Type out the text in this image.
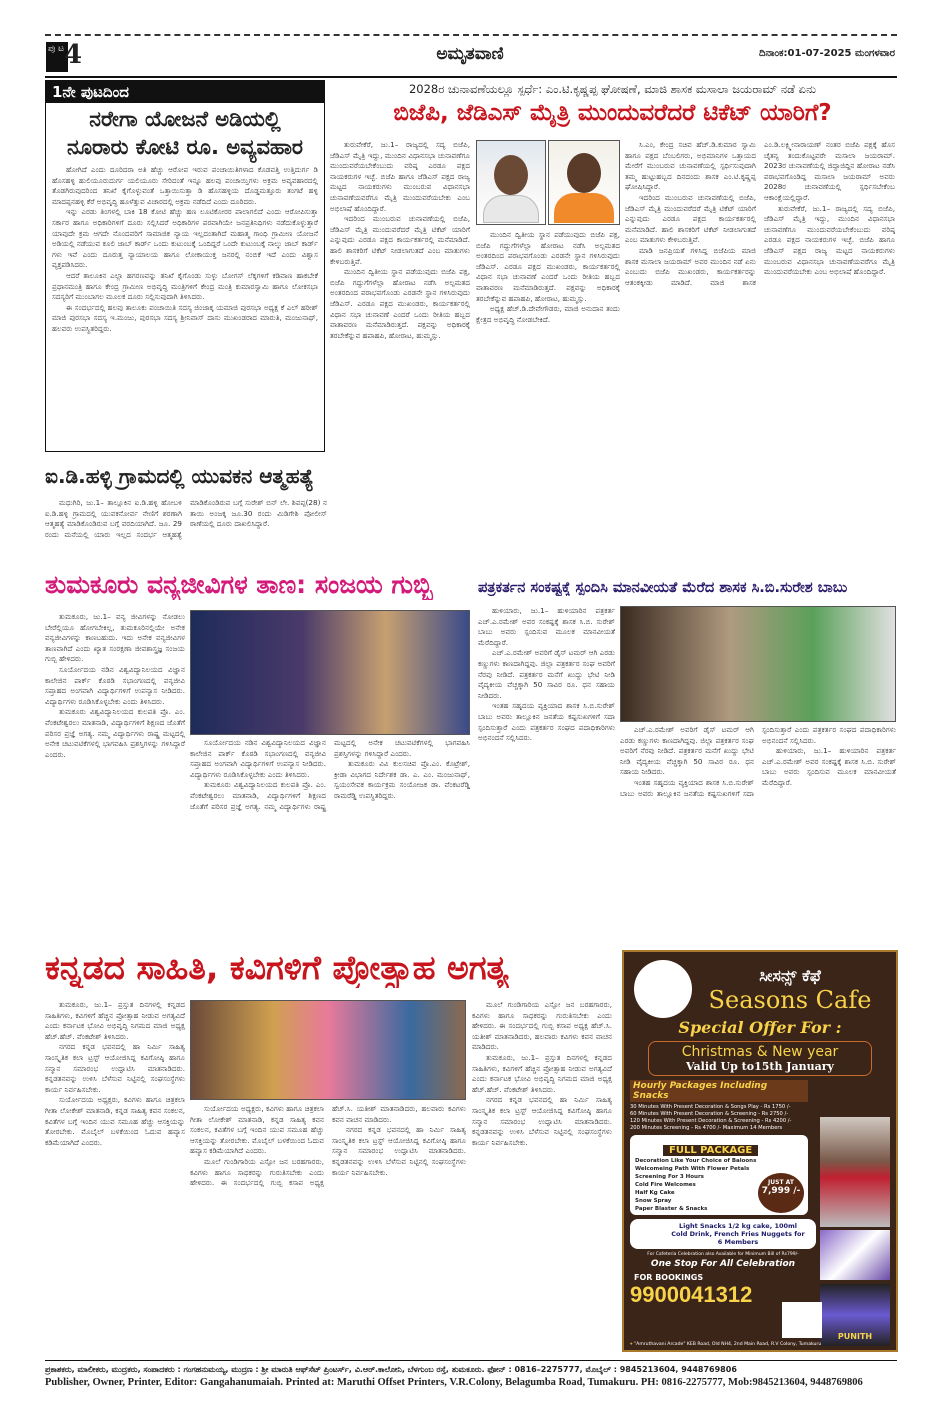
ಪು ಟ 4	ಅಮೃತವಾಣಿ	ದಿನಾಂಕ:01-07-2025 ಮಂಗಳವಾರ
1ನೇ ಪುಟದಿಂದ
ನರೇಗಾ ಯೋಜನೆ ಅಡಿಯಲ್ಲಿ
ನೂರಾರು ಕೋಟಿ ರೂ. ಅವ್ಯವಹಾರ

ಹೋಗಿದೆ ಎಂದು ದೂರಿದರಾ ಅತಿ ಹೆಚ್ಚು ಆರೋಪ ಇರುವ ಪಂಚಾಯಿತಿಗಳಾದ ಕೊಡವತ್ತಿ ಉತ್ತಿದುರ್ಗ ಡಿ ಹೊಸಹಳ್ಳಿ ಹುಲಿಯೂರುದುರ್ಗ ಯಲಿಯೂರು ಸೇರಿದಂತೆ ಇನ್ನೂ ಹಲವು ಪಂಚಾಯ್ತಿಗಳು ಅಕ್ರಮ ಅವ್ಯವಹಾರದಲ್ಲಿ ತೊಡಗಿರುವುದರಿಂದ ತನಿಖೆ ಕೈಗೊಳ್ಳುವಂತೆ ಒತ್ತಾಯಿಸುತ್ತಾ ಡಿ ಹೊಸಹಳ್ಳಿಯ ದೊಡ್ಡಮತ್ತೂರು ತಂಗಟೆ ಹಳ್ಳಿ ಮಾದಪ್ಪನಹಳ್ಳಿ ಕೆರೆ ಅಭಿವೃದ್ಧಿ ಹೂಳೆತ್ತುವ ವಿಚಾರದಲ್ಲಿ ಅಕ್ರಮ ನಡೆದಿದೆ ಎಂದು ದೂರಿದರು.

ಇನ್ನು ಎರಡು ತಿಂಗಳಲ್ಲಿ ಬಾಕಿ 18 ಕೋಟಿ ಹೆಚ್ಚು ಹಣ ಲೂಟಿಕೋರರ ಪಾಲಾಗಲಿದೆ ಎಂದು ಆರೋಪಿಸುತ್ತಾ ಸರ್ಕಾರ ಹಾಗೂ ಅಧಿಕಾರಿಗಳಿಗೆ ದೂರು ಸಲ್ಲಿಸಿದರೆ ಅಧಿಕಾರಿಗಳ ಪರವಾಗಿಯೇ ಜನಪ್ರತಿನಿಧಿಗಳು ನಡೆದುಕೊಳ್ಳುತ್ತಾರೆ ಯಾವುದೇ ಕ್ರಮ ಆಗದೇ ನೊಂದವರಿಗೆ ಸಾಮಾಜಿಕ ನ್ಯಾಯ ಇಲ್ಲದಂತಾಗಿದೆ ಮಹಾತ್ಮ ಗಾಂಧಿ ಗ್ರಾಮೀಣ ಯೋಜನೆ ಅಡಿಯಲ್ಲಿ ನಡೆಯುವ ಕೂಲಿ ಜಾಬ್ ಕಾರ್ಡ್ ಒಂದು ಕುಟುಂಬಕ್ಕೆ ಒಂದಿದ್ದರೆ ಒಂದೇ ಕುಟುಂಬಕ್ಕೆ ನಾಲ್ಕು ಜಾಬ್ ಕಾರ್ಡ್ ಗಳು ಇವೆ ಎಂದು ದೂರುತ್ತ ನ್ಯಾಯಾಲಯ ಹಾಗೂ ಲೋಕಾಯುಕ್ತ ಜನರಲ್ಲಿ ನಂಬಿಕೆ ಇದೆ ಎಂದು ವಿಶ್ವಾಸ ವ್ಯಕ್ತಪಡಿಸಿದರು.

ಆದರೆ ತಾಲೂಕಿನ ಎಲ್ಲಾ ಹಗರಣವನ್ನು ತನಿಖೆ ಕೈಗೊಂಡು ಸುಳ್ಳು ಬೋಗಸ್ ಲೆಕ್ಕಗಳಿಗೆ ಕಡಿವಾಣ ಹಾಕಬೇಕೆ ಪ್ರಧಾನಮಂತ್ರಿ ಹಾಗೂ ಕೇಂದ್ರ ಗ್ರಾಮೀಣ ಅಭಿವೃದ್ಧಿ ಮಂತ್ರಿಗಳಿಗೆ ಕೇಂದ್ರ ಮಂತ್ರಿ ಕುಮಾರಸ್ವಾಮಿ ಹಾಗೂ ಲೋಕಸಭಾ ಸದಸ್ಯರಿಗೆ ಮುಂಬಾಗಲ ಮೂಲಕ ದೂರು ಸಲ್ಲಿಸುವುದಾಗಿ ತಿಳಿಸಿದರು.

ಈ ಸಂದರ್ಭದಲ್ಲಿ ಹಲವು ತಾಲೂಕು ಪಂಚಾಯಿತಿ ಸದಸ್ಯ ಜಿಂಜಾಕ್ಕ ಯಮಾಜಿ ಪುರಸಭಾ ಅಧ್ಯಕ್ಷ ಕೆ ಎಲ್ ಹರೀಶ್ ಮಾಜಿ ಪುರಸಭಾ ಸದಸ್ಯ ಇ.ಮಂಜು, ಪುರಸಭಾ ಸದಸ್ಯ ಶ್ರೀನಿವಾಸ್ ದಾಸು ಮುಖಂಡರಾದ ಮಾರುತಿ, ಮಂಜುನಾಥ್, ಹಲವರು ಉಪಸ್ಥಿತರಿದ್ದರು.

ಐ.ಡಿ.ಹಳ್ಳಿ ಗ್ರಾಮದಲ್ಲಿ ಯುವಕನ ಆತ್ಮಹತ್ಯೆ

ಮಧುಗಿರಿ, ಜು.1– ತಾಲ್ಲೂಕಿನ ಐ.ಡಿ.ಹಳ್ಳಿ ಹೋಬಳಿ ಐ.ಡಿ.ಹಳ್ಳಿ ಗ್ರಾಮದಲ್ಲಿ ಯುವಕನೋರ್ವ ನೇಣಿಗೆ ಶರಣಾಗಿ ಆತ್ಮಹತ್ಯೆ ಮಾಡಿಕೊಂಡಿರುವ ಬಗ್ಗೆ ವರದಿಯಾಗಿದೆ. ಜೂ. 29 ರಂದು ಮನೆಯಲ್ಲಿ ಯಾರು ಇಲ್ಲದ ಸಂದರ್ಭ ಆತ್ಮಹತ್ಯೆ ಮಾಡಿಕೊಂಡಿರುವ ಬಗ್ಗೆ ಸುರೇಶ್ ಬಿನ್ ಲೇ. ಶಿವಪ್ಪ(28) ನ ತಾಯಿ ಅಂಜಕ್ಕ ಜೂ.30 ರಂದು ಮಿಡಿಗೇಶಿ ಪೋಲೀಸ್ ಠಾಣೆಯಲ್ಲಿ ದೂರು ದಾಖಲಿಸಿದ್ದಾರೆ.

2028ರ ಚುನಾವಣೆಯಲ್ಲೂ ಸ್ಪರ್ಧೆ: ಎಂ.ಟಿ.ಕೃಷ್ಣಪ್ಪ ಘೋಷಣೆ, ಮಾಜಿ ಶಾಸಕ ಮಸಾಲಾ ಜಯರಾಮ್ ನಡೆ ಏನು
ಬಿಜೆಪಿ, ಜೆಡಿಎಸ್ ಮೈತ್ರಿ ಮುಂದುವರೆದರೆ ಟಿಕೆಟ್ ಯಾರಿಗೆ?

ತುರುವೇಕೆರೆ, ಜು.1– ರಾಜ್ಯದಲ್ಲಿ ಸದ್ಯ ಬಿಜೆಪಿ, ಜೆಡಿಎಸ್ ಮೈತ್ರಿ ಇದ್ದು, ಮುಂದಿನ ವಿಧಾನಸಭಾ ಚುನಾವಣೆಗೂ ಮುಂದುವರೆಯಬೇಕೆಂಬುದು ವರಿಷ್ಠ ಎರಡೂ ಪಕ್ಷದ ನಾಯಕರುಗಳ ಇಚ್ಛೆ. ಬಿಜೆಪಿ ಹಾಗೂ ಜೆಡಿಎಸ್ ಪಕ್ಷದ ರಾಜ್ಯ ಮಟ್ಟದ ನಾಯಕರುಗಳು ಮುಂಬರುವ ವಿಧಾನಸಭಾ ಚುನಾವಣೆಯವರೆಗೂ ಮೈತ್ರಿ ಮುಂದುವರೆಯಬೇಕು ಎಂಬ ಅಭಿಲಾಷೆ ಹೊಂದಿದ್ದಾರೆ.

ಇದರಿಂದ ಮುಂಬರುವ ಚುನಾವಣೆಯಲ್ಲಿ ಬಿಜೆಪಿ, ಜೆಡಿಎಸ್ ಮೈತ್ರಿ ಮುಂದುವರೆದರೆ ಮೈತ್ರಿ ಟಿಕೆಟ್ ಯಾರಿಗೆ ಎನ್ನುವುದು ಎರಡೂ ಪಕ್ಷದ ಕಾರ್ಯಕರ್ತರಲ್ಲಿ ಮನೆಮಾಡಿದೆ. ಹಾಲಿ ಶಾಸಕರಿಗೆ ಟಿಕೆಟ್ ನೀಡಲಾಗುತದೆ ಎಂಬ ಮಾತುಗಳು ಕೇಳಿಬರುತ್ತಿವೆ.

ಮುಂದಿನ ದ್ವಿತೀಯ ಸ್ಥಾನ ಪಡೆಯುವುದು ಬಿಜೆಪಿ ಪಕ್ಷ, ಬಿಜೆಪಿ ಗದ್ದುಗೆಗಳೆಲ್ಲಾ ಹೋರಾಟ ನಡೆಸಿ ಅಲ್ಪಮತದ ಅಂತರದಿಂದ ಪರಾಭವಗೊಂಡು ಎರಡನೇ ಸ್ಥಾನ ಗಳಿಸಿರುವುದು ಜೆಡಿಎಸ್. ಎರಡೂ ಪಕ್ಷದ ಮುಖಂಡರು, ಕಾರ್ಯಕರ್ತರಲ್ಲಿ ವಿಧಾನ ಸಭಾ ಚುನಾವಣೆ ಎಂದರೆ ಒಂದು ರೀತಿಯ ಹಬ್ಬದ ವಾತಾವರಣ ಮನೆಮಾಡಿರುತ್ತದೆ. ಪಕ್ಷವನ್ನು ಅಧಿಕಾರಕ್ಕೆ ತರಬೇಕೆನ್ನುವ ಹಪಾಹಪಿ, ಹೋರಾಟ, ಹುಮ್ಮಸ್ಸು.

ಮುಂದಿನ ದ್ವಿತೀಯ ಸ್ಥಾನ ಪಡೆಯುವುದು ಬಿಜೆಪಿ ಪಕ್ಷ, ಬಿಜೆಪಿ ಗದ್ದುಗೆಗಳೆಲ್ಲಾ ಹೋರಾಟ ನಡೆಸಿ ಅಲ್ಪಮತದ ಅಂತರದಿಂದ ಪರಾಭವಗೊಂಡು ಎರಡನೇ ಸ್ಥಾನ ಗಳಿಸಿರುವುದು ಜೆಡಿಎಸ್. ಎರಡೂ ಪಕ್ಷದ ಮುಖಂಡರು, ಕಾರ್ಯಕರ್ತರಲ್ಲಿ ವಿಧಾನ ಸಭಾ ಚುನಾವಣೆ ಎಂದರೆ ಒಂದು ರೀತಿಯ ಹಬ್ಬದ ವಾತಾವರಣ ಮನೆಮಾಡಿರುತ್ತದೆ. ಪಕ್ಷವನ್ನು ಅಧಿಕಾರಕ್ಕೆ ತರಬೇಕೆನ್ನುವ ಹಪಾಹಪಿ, ಹೋರಾಟ, ಹುಮ್ಮಸ್ಸು.

ಅಧ್ಯಕ್ಷ ಹೆಚ್.ಡಿ.ದೇವೇಗೌಡರು, ಮಾಜಿ ಅನುದಾನ ತಂದು ಕ್ಷೇತ್ರದ ಅಭಿವೃದ್ಧಿ ನೋಡಬೇಕಿದೆ.

ಸಿ.ಎಂ, ಕೇಂದ್ರ ಸಚಿವ ಹೆಚ್.ಡಿ.ಕುಮಾರ ಸ್ವಾಮಿ ಹಾಗೂ ಪಕ್ಷದ ಬೆಂಬಲಿಗರು, ಅಭಿಮಾನಿಗಳ ಒತ್ತಾಯದ ಮೇರೆಗೆ ಮುಂಬರುವ ಚುನಾವಣೆಯಲ್ಲಿ ಸ್ಪರ್ಧಿಸುವುದಾಗಿ ತಮ್ಮ ಹುಟ್ಟುಹಬ್ಬದ ದಿನದಂದು ಶಾಸಕ ಎಂ.ಟಿ.ಕೃಷ್ಣಪ್ಪ ಘೋಷಿಸಿದ್ದಾರೆ.

ಇದರಿಂದ ಮುಂಬರುವ ಚುನಾವಣೆಯಲ್ಲಿ ಬಿಜೆಪಿ, ಜೆಡಿಎಸ್ ಮೈತ್ರಿ ಮುಂದುವರೆದರೆ ಮೈತ್ರಿ ಟಿಕೆಟ್ ಯಾರಿಗೆ ಎನ್ನುವುದು ಎರಡೂ ಪಕ್ಷದ ಕಾರ್ಯಕರ್ತರಲ್ಲಿ ಮನೆಮಾಡಿದೆ. ಹಾಲಿ ಶಾಸಕರಿಗೆ ಟಿಕೆಟ್ ನೀಡಲಾಗುತದೆ ಎಂಬ ಮಾತುಗಳು ಕೇಳಿಬರುತ್ತಿವೆ.

ಮಾಡಿ ಜನಪ್ರಿಯತೆ ಗಳಿಸಿದ್ದ ಬಿಜೆಪಿಯ ಮಾಜಿ ಶಾಸಕ ಮಸಾಲಾ ಜಯರಾಮ್ ಅವರ ಮುಂದಿನ ನಡೆ ಏನು ಎಂಬುದು ಬಿಜೆಪಿ ಮುಖಂಡರು, ಕಾರ್ಯಕರ್ತರನ್ನು ಆತಂಕಕ್ಕೀಡು ಮಾಡಿದೆ. ಮಾಜಿ ಶಾಸಕ ಎಂ.ಡಿ.ಲಕ್ಷ್ಮೀನಾರಾಯಣ್ ನಂತರ ಬಿಜೆಪಿ ಪಕ್ಷಕ್ಕೆ ಹೊಸ ಚೈತನ್ಯ ತಂದುಕೊಟ್ಟವರೇ ಮಸಾಲಾ ಜಯರಾಮ್. 2023ರ ಚುನಾವಣೆಯಲ್ಲಿ ಜಿದ್ದಾಜಿದ್ದಿನ ಹೋರಾಟ ನಡೆಸಿ ಪರಾಭವಗೊಂಡಿದ್ದ ಮಸಾಲಾ ಜಯರಾಮ್ ಅವರು 2028ರ ಚುನಾವಣೆಯಲ್ಲಿ ಸ್ಪರ್ಧಿಸಬೇಕೆಂಬ ಆಕಾಂಕ್ಷೆಯಲ್ಲಿದ್ದಾರೆ.

ತುರುವೇಕೆರೆ, ಜು.1– ರಾಜ್ಯದಲ್ಲಿ ಸದ್ಯ ಬಿಜೆಪಿ, ಜೆಡಿಎಸ್ ಮೈತ್ರಿ ಇದ್ದು, ಮುಂದಿನ ವಿಧಾನಸಭಾ ಚುನಾವಣೆಗೂ ಮುಂದುವರೆಯಬೇಕೆಂಬುದು ವರಿಷ್ಠ ಎರಡೂ ಪಕ್ಷದ ನಾಯಕರುಗಳ ಇಚ್ಛೆ. ಬಿಜೆಪಿ ಹಾಗೂ ಜೆಡಿಎಸ್ ಪಕ್ಷದ ರಾಜ್ಯ ಮಟ್ಟದ ನಾಯಕರುಗಳು ಮುಂಬರುವ ವಿಧಾನಸಭಾ ಚುನಾವಣೆಯವರೆಗೂ ಮೈತ್ರಿ ಮುಂದುವರೆಯಬೇಕು ಎಂಬ ಅಭಿಲಾಷೆ ಹೊಂದಿದ್ದಾರೆ.

ತುಮಕೂರು ವನ್ಯಜೀವಿಗಳ ತಾಣ: ಸಂಜಯ ಗುಬ್ಬಿ

ತುಮಕೂರು, ಜು.1– ವನ್ಯ ಜೀವಿಗಳನ್ನು ನೋಡಲು ಬೇರೆಲ್ಲಿಯೂ ಹೋಗಬೇಕಿಲ್ಲ, ತುಮಕೂರಿನಲ್ಲಿಯೇ ಅನೇಕ ವನ್ಯಜೀವಿಗಳನ್ನು ಕಾಣಬಹುದು. ಇದು ಅನೇಕ ವನ್ಯಜೀವಿಗಳ ತಾಣವಾಗಿದೆ ಎಂದು ಖ್ಯಾತ ಸಂರಕ್ಷಣಾ ಜೀವಶಾಸ್ತ್ರಜ್ಞ ಸಂಜಯ ಗುಬ್ಬಿ ಹೇಳಿದರು.

ಸೂರ್ಯೋದಯ ನಡಿನ ವಿಶ್ವವಿದ್ಯಾನಿಲಯದ ವಿಜ್ಞಾನ ಕಾಲೇಜಿನ ಪಾರ್ಕ್ ಕೊಠಡಿ ಸಭಾಂಗಣದಲ್ಲಿ ವನ್ಯಜೀವಿ ಸಪ್ತಾಹದ ಅಂಗವಾಗಿ ವಿದ್ಯಾರ್ಥಿಗಳಿಗೆ ಉಪನ್ಯಾಸ ನೀಡಿದರು. ವಿದ್ಯಾರ್ಥಿಗಳು ರೂಡಿಸಿಕೊಳ್ಳಬೇಕು ಎಂದು ತಿಳಿಸಿದರು.

ತುಮಕೂರು ವಿಶ್ವವಿದ್ಯಾನಿಲಯದ ಕುಲಪತಿ ಪ್ರೊ. ಎಂ. ವೆಂಕಟೇಶ್ವರಲು ಮಾತನಾಡಿ, ವಿದ್ಯಾರ್ಥಿಗಳಿಗೆ ಶಿಕ್ಷಣದ ಜೊತೆಗೆ ಪರಿಸರ ಪ್ರಜ್ಞೆ ಅಗತ್ಯ. ನಮ್ಮ ವಿದ್ಯಾರ್ಥಿಗಳು ರಾಷ್ಟ್ರ ಮಟ್ಟದಲ್ಲಿ ಅನೇಕ ಚಟುವಟಿಕೆಗಳಲ್ಲಿ ಭಾಗವಹಿಸಿ ಪ್ರಶಸ್ತಿಗಳನ್ನು ಗಳಿಸಿದ್ದಾರೆ ಎಂದರು.

ಸೂರ್ಯೋದಯ ನಡಿನ ವಿಶ್ವವಿದ್ಯಾನಿಲಯದ ವಿಜ್ಞಾನ ಕಾಲೇಜಿನ ಪಾರ್ಕ್ ಕೊಠಡಿ ಸಭಾಂಗಣದಲ್ಲಿ ವನ್ಯಜೀವಿ ಸಪ್ತಾಹದ ಅಂಗವಾಗಿ ವಿದ್ಯಾರ್ಥಿಗಳಿಗೆ ಉಪನ್ಯಾಸ ನೀಡಿದರು. ವಿದ್ಯಾರ್ಥಿಗಳು ರೂಡಿಸಿಕೊಳ್ಳಬೇಕು ಎಂದು ತಿಳಿಸಿದರು.

ತುಮಕೂರು ವಿಶ್ವವಿದ್ಯಾನಿಲಯದ ಕುಲಪತಿ ಪ್ರೊ. ಎಂ. ವೆಂಕಟೇಶ್ವರಲು ಮಾತನಾಡಿ, ವಿದ್ಯಾರ್ಥಿಗಳಿಗೆ ಶಿಕ್ಷಣದ ಜೊತೆಗೆ ಪರಿಸರ ಪ್ರಜ್ಞೆ ಅಗತ್ಯ. ನಮ್ಮ ವಿದ್ಯಾರ್ಥಿಗಳು ರಾಷ್ಟ್ರ ಮಟ್ಟದಲ್ಲಿ ಅನೇಕ ಚಟುವಟಿಕೆಗಳಲ್ಲಿ ಭಾಗವಹಿಸಿ ಪ್ರಶಸ್ತಿಗಳನ್ನು ಗಳಿಸಿದ್ದಾರೆ ಎಂದರು.

ತುಮಕೂರು ವಿವಿ ಕುಲಸಚಿವ ಪ್ರೊ.ಎಂ. ಕೊಟ್ರೇಶ್, ಕ್ರೀಡಾ ವಿಭಾಗದ ನಿರ್ದೇಶಕ ಡಾ. ಎ. ಎಂ. ಮಂಜುನಾಥ್, ಸ್ವಯಂಸೇವಕ ಕಾರ್ಯಕ್ರಮ ಸಂಯೋಜಕ ಡಾ. ವೆಂಕಟರೆಡ್ಡಿ ರಾಮರೆಡ್ಡಿ ಉಪಸ್ಥಿತರಿದ್ದರು.

ಪತ್ರಕರ್ತನ ಸಂಕಷ್ಟಕ್ಕೆ ಸ್ಪಂದಿಸಿ ಮಾನವೀಯತೆ ಮೆರೆದ ಶಾಸಕ ಸಿ.ಬಿ.ಸುರೇಶ ಬಾಬು

ಹುಳಿಯಾರು, ಜು.1– ಹುಳಿಯಾರಿನ ಪತ್ರಕರ್ತ ಎಚ್.ಎ.ರಮೇಶ್ ಅವರ ಸಂಕಷ್ಟಕ್ಕೆ ಶಾಸಕ ಸಿ.ಬಿ. ಸುರೇಶ್ ಬಾಬು ಅವರು ಸ್ಪಂದಿಸುವ ಮೂಲಕ ಮಾನವೀಯತೆ ಮೆರೆದಿದ್ದಾರೆ.

ಎಚ್.ಎ.ರಮೇಶ್ ಅವರಿಗೆ ಡೈಸ್ ಟಮರ್ ಆಗಿ ಎರಡು ಕಣ್ಣುಗಳು ಕಾಣದಾಗಿದ್ದವು. ಜಿಲ್ಲಾ ಪತ್ರಕರ್ತರ ಸಂಘ ಅವರಿಗೆ ನೆರವು ನೀಡಿದೆ. ಪತ್ರಕರ್ತರ ಮನೆಗೆ ಖುದ್ದು ಭೇಟಿ ನೀಡಿ ವೈದ್ಯಕೀಯ ವೆಚ್ಚಕ್ಕಾಗಿ 50 ಸಾವಿರ ರೂ. ಧನ ಸಹಾಯ ನೀಡಿದರು.

ಇಂತಹ ಸಹೃದಯ ವ್ಯಕ್ತಿಯಾದ ಶಾಸಕ ಸಿ.ಬಿ.ಸುರೇಶ್ ಬಾಬು ಅವರು ತಾಲ್ಲೂಕಿನ ಜನತೆಯ ಕಷ್ಟಸುಖಗಳಿಗೆ ಸದಾ ಸ್ಪಂದಿಸುತ್ತಾರೆ ಎಂದು ಪತ್ರಕರ್ತರ ಸಂಘದ ಪದಾಧಿಕಾರಿಗಳು ಅಭಿನಂದನೆ ಸಲ್ಲಿಸಿದರು.

ಎಚ್.ಎ.ರಮೇಶ್ ಅವರಿಗೆ ಡೈಸ್ ಟಮರ್ ಆಗಿ ಎರಡು ಕಣ್ಣುಗಳು ಕಾಣದಾಗಿದ್ದವು. ಜಿಲ್ಲಾ ಪತ್ರಕರ್ತರ ಸಂಘ ಅವರಿಗೆ ನೆರವು ನೀಡಿದೆ. ಪತ್ರಕರ್ತರ ಮನೆಗೆ ಖುದ್ದು ಭೇಟಿ ನೀಡಿ ವೈದ್ಯಕೀಯ ವೆಚ್ಚಕ್ಕಾಗಿ 50 ಸಾವಿರ ರೂ. ಧನ ಸಹಾಯ ನೀಡಿದರು.

ಇಂತಹ ಸಹೃದಯ ವ್ಯಕ್ತಿಯಾದ ಶಾಸಕ ಸಿ.ಬಿ.ಸುರೇಶ್ ಬಾಬು ಅವರು ತಾಲ್ಲೂಕಿನ ಜನತೆಯ ಕಷ್ಟಸುಖಗಳಿಗೆ ಸದಾ ಸ್ಪಂದಿಸುತ್ತಾರೆ ಎಂದು ಪತ್ರಕರ್ತರ ಸಂಘದ ಪದಾಧಿಕಾರಿಗಳು ಅಭಿನಂದನೆ ಸಲ್ಲಿಸಿದರು.

ಹುಳಿಯಾರು, ಜು.1– ಹುಳಿಯಾರಿನ ಪತ್ರಕರ್ತ ಎಚ್.ಎ.ರಮೇಶ್ ಅವರ ಸಂಕಷ್ಟಕ್ಕೆ ಶಾಸಕ ಸಿ.ಬಿ. ಸುರೇಶ್ ಬಾಬು ಅವರು ಸ್ಪಂದಿಸುವ ಮೂಲಕ ಮಾನವೀಯತೆ ಮೆರೆದಿದ್ದಾರೆ.

ಕನ್ನಡದ ಸಾಹಿತಿ, ಕವಿಗಳಿಗೆ ಪ್ರೋತ್ಸಾಹ ಅಗತ್ಯ

ತುಮಕೂರು, ಜು.1– ಪ್ರಸ್ತುತ ದಿನಗಳಲ್ಲಿ ಕನ್ನಡದ ಸಾಹಿತಿಗಳು, ಕವಿಗಳಿಗೆ ಹೆಚ್ಚಿನ ಪ್ರೋತ್ಸಾಹ ನೀಡುವ ಅಗತ್ಯವಿದೆ ಎಂದು ಕರ್ನಾಟಕ ಭೋವಿ ಅಭಿವೃದ್ಧಿ ನಿಗಮದ ಮಾಜಿ ಅಧ್ಯಕ್ಷ ಹೆಚ್.ಹೆಚ್. ವೆಂಕಟೇಶ್ ತಿಳಿಸಿದರು.

ನಗರದ ಕನ್ನಡ ಭವನದಲ್ಲಿ ಹಾ ನಿರ್ಮಿ ಸಾಹಿತ್ಯ ಸಾಂಸ್ಕೃತಿಕ ಕಲಾ ಟ್ರಸ್ಟ್ ಆಯೋಜಿಸಿದ್ದ ಕವಿಗೋಷ್ಠಿ ಹಾಗೂ ಸನ್ಮಾನ ಸಮಾರಂಭ ಉದ್ಘಾಟಿಸಿ ಮಾತನಾಡಿದರು. ಕನ್ನಡತನವನ್ನು ಉಳಿಸಿ ಬೆಳೆಸುವ ನಿಟ್ಟಿನಲ್ಲಿ ಸಂಘಸಂಸ್ಥೆಗಳು ಕಾರ್ಯ ನಿರ್ವಹಿಸಬೇಕು.

ಸುರ್ಯೋದಯ ಅಧ್ಯಕ್ಷರು, ಕವಿಗಳು ಹಾಗೂ ಚಿತ್ರಕಲಾ ಗೀತಾ ಲೋಕೇಶ್ ಮಾತನಾಡಿ, ಕನ್ನಡ ಸಾಹಿತ್ಯ ಕವನ ಸಂಕಲನ, ಕವಿತೆಗಳ ಬಗ್ಗೆ ಇಂದಿನ ಯುವ ಸಮೂಹ ಹೆಚ್ಚು ಆಸಕ್ತಿಯನ್ನು ತೋರಬೇಕು. ಮೊಬೈಲ್ ಬಳಕೆಯಿಂದ ಓದುವ ಹವ್ಯಾಸ ಕಡಿಮೆಯಾಗಿದೆ ಎಂದರು.

ಸುರ್ಯೋದಯ ಅಧ್ಯಕ್ಷರು, ಕವಿಗಳು ಹಾಗೂ ಚಿತ್ರಕಲಾ ಗೀತಾ ಲೋಕೇಶ್ ಮಾತನಾಡಿ, ಕನ್ನಡ ಸಾಹಿತ್ಯ ಕವನ ಸಂಕಲನ, ಕವಿತೆಗಳ ಬಗ್ಗೆ ಇಂದಿನ ಯುವ ಸಮೂಹ ಹೆಚ್ಚು ಆಸಕ್ತಿಯನ್ನು ತೋರಬೇಕು. ಮೊಬೈಲ್ ಬಳಕೆಯಿಂದ ಓದುವ ಹವ್ಯಾಸ ಕಡಿಮೆಯಾಗಿದೆ ಎಂದರು.

ಮೂಲೆ ಗುಂಡಿಗಾರಿಯ ಎಸ್ಪೋ ಜನ ಬರಹಗಾರರು, ಕವಿಗಳು ಹಾಗೂ ಸಾಧಕರನ್ನು ಗುರುತಿಸಬೇಕು ಎಂದು ಹೇಳಿದರು. ಈ ಸಂದರ್ಭದಲ್ಲಿ ಗುಬ್ಬಿ ಕಸಾಪ ಅಧ್ಯಕ್ಷ ಹೆಚ್.ಸಿ. ಯತೀಶ್ ಮಾತನಾಡಿದರು, ಹಲವಾರು ಕವಿಗಳು ಕವನ ವಾಚನ ಮಾಡಿದರು.

ನಗರದ ಕನ್ನಡ ಭವನದಲ್ಲಿ ಹಾ ನಿರ್ಮಿ ಸಾಹಿತ್ಯ ಸಾಂಸ್ಕೃತಿಕ ಕಲಾ ಟ್ರಸ್ಟ್ ಆಯೋಜಿಸಿದ್ದ ಕವಿಗೋಷ್ಠಿ ಹಾಗೂ ಸನ್ಮಾನ ಸಮಾರಂಭ ಉದ್ಘಾಟಿಸಿ ಮಾತನಾಡಿದರು. ಕನ್ನಡತನವನ್ನು ಉಳಿಸಿ ಬೆಳೆಸುವ ನಿಟ್ಟಿನಲ್ಲಿ ಸಂಘಸಂಸ್ಥೆಗಳು ಕಾರ್ಯ ನಿರ್ವಹಿಸಬೇಕು.

ಮೂಲೆ ಗುಂಡಿಗಾರಿಯ ಎಸ್ಪೋ ಜನ ಬರಹಗಾರರು, ಕವಿಗಳು ಹಾಗೂ ಸಾಧಕರನ್ನು ಗುರುತಿಸಬೇಕು ಎಂದು ಹೇಳಿದರು. ಈ ಸಂದರ್ಭದಲ್ಲಿ ಗುಬ್ಬಿ ಕಸಾಪ ಅಧ್ಯಕ್ಷ ಹೆಚ್.ಸಿ. ಯತೀಶ್ ಮಾತನಾಡಿದರು, ಹಲವಾರು ಕವಿಗಳು ಕವನ ವಾಚನ ಮಾಡಿದರು.

ತುಮಕೂರು, ಜು.1– ಪ್ರಸ್ತುತ ದಿನಗಳಲ್ಲಿ ಕನ್ನಡದ ಸಾಹಿತಿಗಳು, ಕವಿಗಳಿಗೆ ಹೆಚ್ಚಿನ ಪ್ರೋತ್ಸಾಹ ನೀಡುವ ಅಗತ್ಯವಿದೆ ಎಂದು ಕರ್ನಾಟಕ ಭೋವಿ ಅಭಿವೃದ್ಧಿ ನಿಗಮದ ಮಾಜಿ ಅಧ್ಯಕ್ಷ ಹೆಚ್.ಹೆಚ್. ವೆಂಕಟೇಶ್ ತಿಳಿಸಿದರು.

ನಗರದ ಕನ್ನಡ ಭವನದಲ್ಲಿ ಹಾ ನಿರ್ಮಿ ಸಾಹಿತ್ಯ ಸಾಂಸ್ಕೃತಿಕ ಕಲಾ ಟ್ರಸ್ಟ್ ಆಯೋಜಿಸಿದ್ದ ಕವಿಗೋಷ್ಠಿ ಹಾಗೂ ಸನ್ಮಾನ ಸಮಾರಂಭ ಉದ್ಘಾಟಿಸಿ ಮಾತನಾಡಿದರು. ಕನ್ನಡತನವನ್ನು ಉಳಿಸಿ ಬೆಳೆಸುವ ನಿಟ್ಟಿನಲ್ಲಿ ಸಂಘಸಂಸ್ಥೆಗಳು ಕಾರ್ಯ ನಿರ್ವಹಿಸಬೇಕು.

ಸೀಸನ್ಸ್ ಕೆಫೆ
Seasons Cafe
Special Offer For :
Christmas & New year
Valid Up to15th January
Hourly Packages Including Snacks
30 Minutes With Present Decoration & Songs Play - Rs 1750 /-
60 Minutes With Present Decoration & Screening - Rs 2750 /-
120 Minutes With Present Decoration & Screening - Rs 4200 /-
200 Minutes Screening - Rs 4700 /- Maximum 14 Members
FULL PACKAGE
Decoration Like Your Choice of Baloons
Welcomeing Path With Flower Petals
Screening For 3 Hours
Cold Fire Welcomes
Half Kg Cake
Snow Spray
Paper Blaster & Snacks
JUST AT
7,999 /-
PUNITH
Light Snacks 1/2 kg cake, 100ml Cold Drink, French Fries Nuggets for 6 Members
For Cafeteria Celebration also Available for Minimum Bill of Rs799/-
One Stop For All Celebration
FOR BOOKINGS
9900041312
⌖ "Amruthavani Arcade" KEB Road, Old NH4, 2nd Main Road, R.V Colony, Tumakuru
ಪ್ರಕಾಶಕರು, ಮಾಲೀಕರು, ಮುದ್ರಕರು, ಸಂಪಾದಕರು : ಗಂಗಹನುಮಯ್ಯ, ಮುದ್ರಣ : ಶ್ರೀ ಮಾರುತಿ ಆಫ್‌ಸೆಟ್ ಪ್ರಿಂಟರ್ಸ್, ವಿ.ಆರ್.ಕಾಲೋನಿ, ಬೆಳಗುಂಬ ರಸ್ತೆ, ತುಮಕೂರು. ಫೋನ್ : 0816–2275777, ಮೊಬೈಲ್ : 9845213604, 9448769806
Publisher, Owner, Printer, Editor: Gangahanumaiah. Printed at: Maruthi Offset Printers, V.R.Colony, Belagumba Road, Tumakuru. PH: 0816-2275777, Mob:9845213604, 9448769806
